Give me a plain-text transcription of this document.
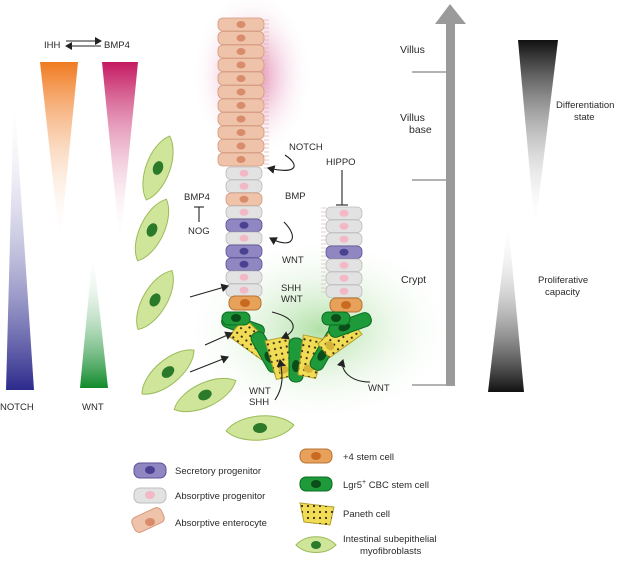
IHH	BMP4
NOTCH	WNT
NOTCH
HIPPO
BMP4
NOG
BMP
WNT
SHH
WNT
WNT
SHH
WNT
Villus
Villus
base
Crypt
Differentiation
state
Proliferative
capacity
Secretory progenitor
Absorptive progenitor
Absorptive enterocyte
+4 stem cell
Lgr5+ CBC stem cell
Paneth cell
Intestinal subepithelial
myofibroblasts
